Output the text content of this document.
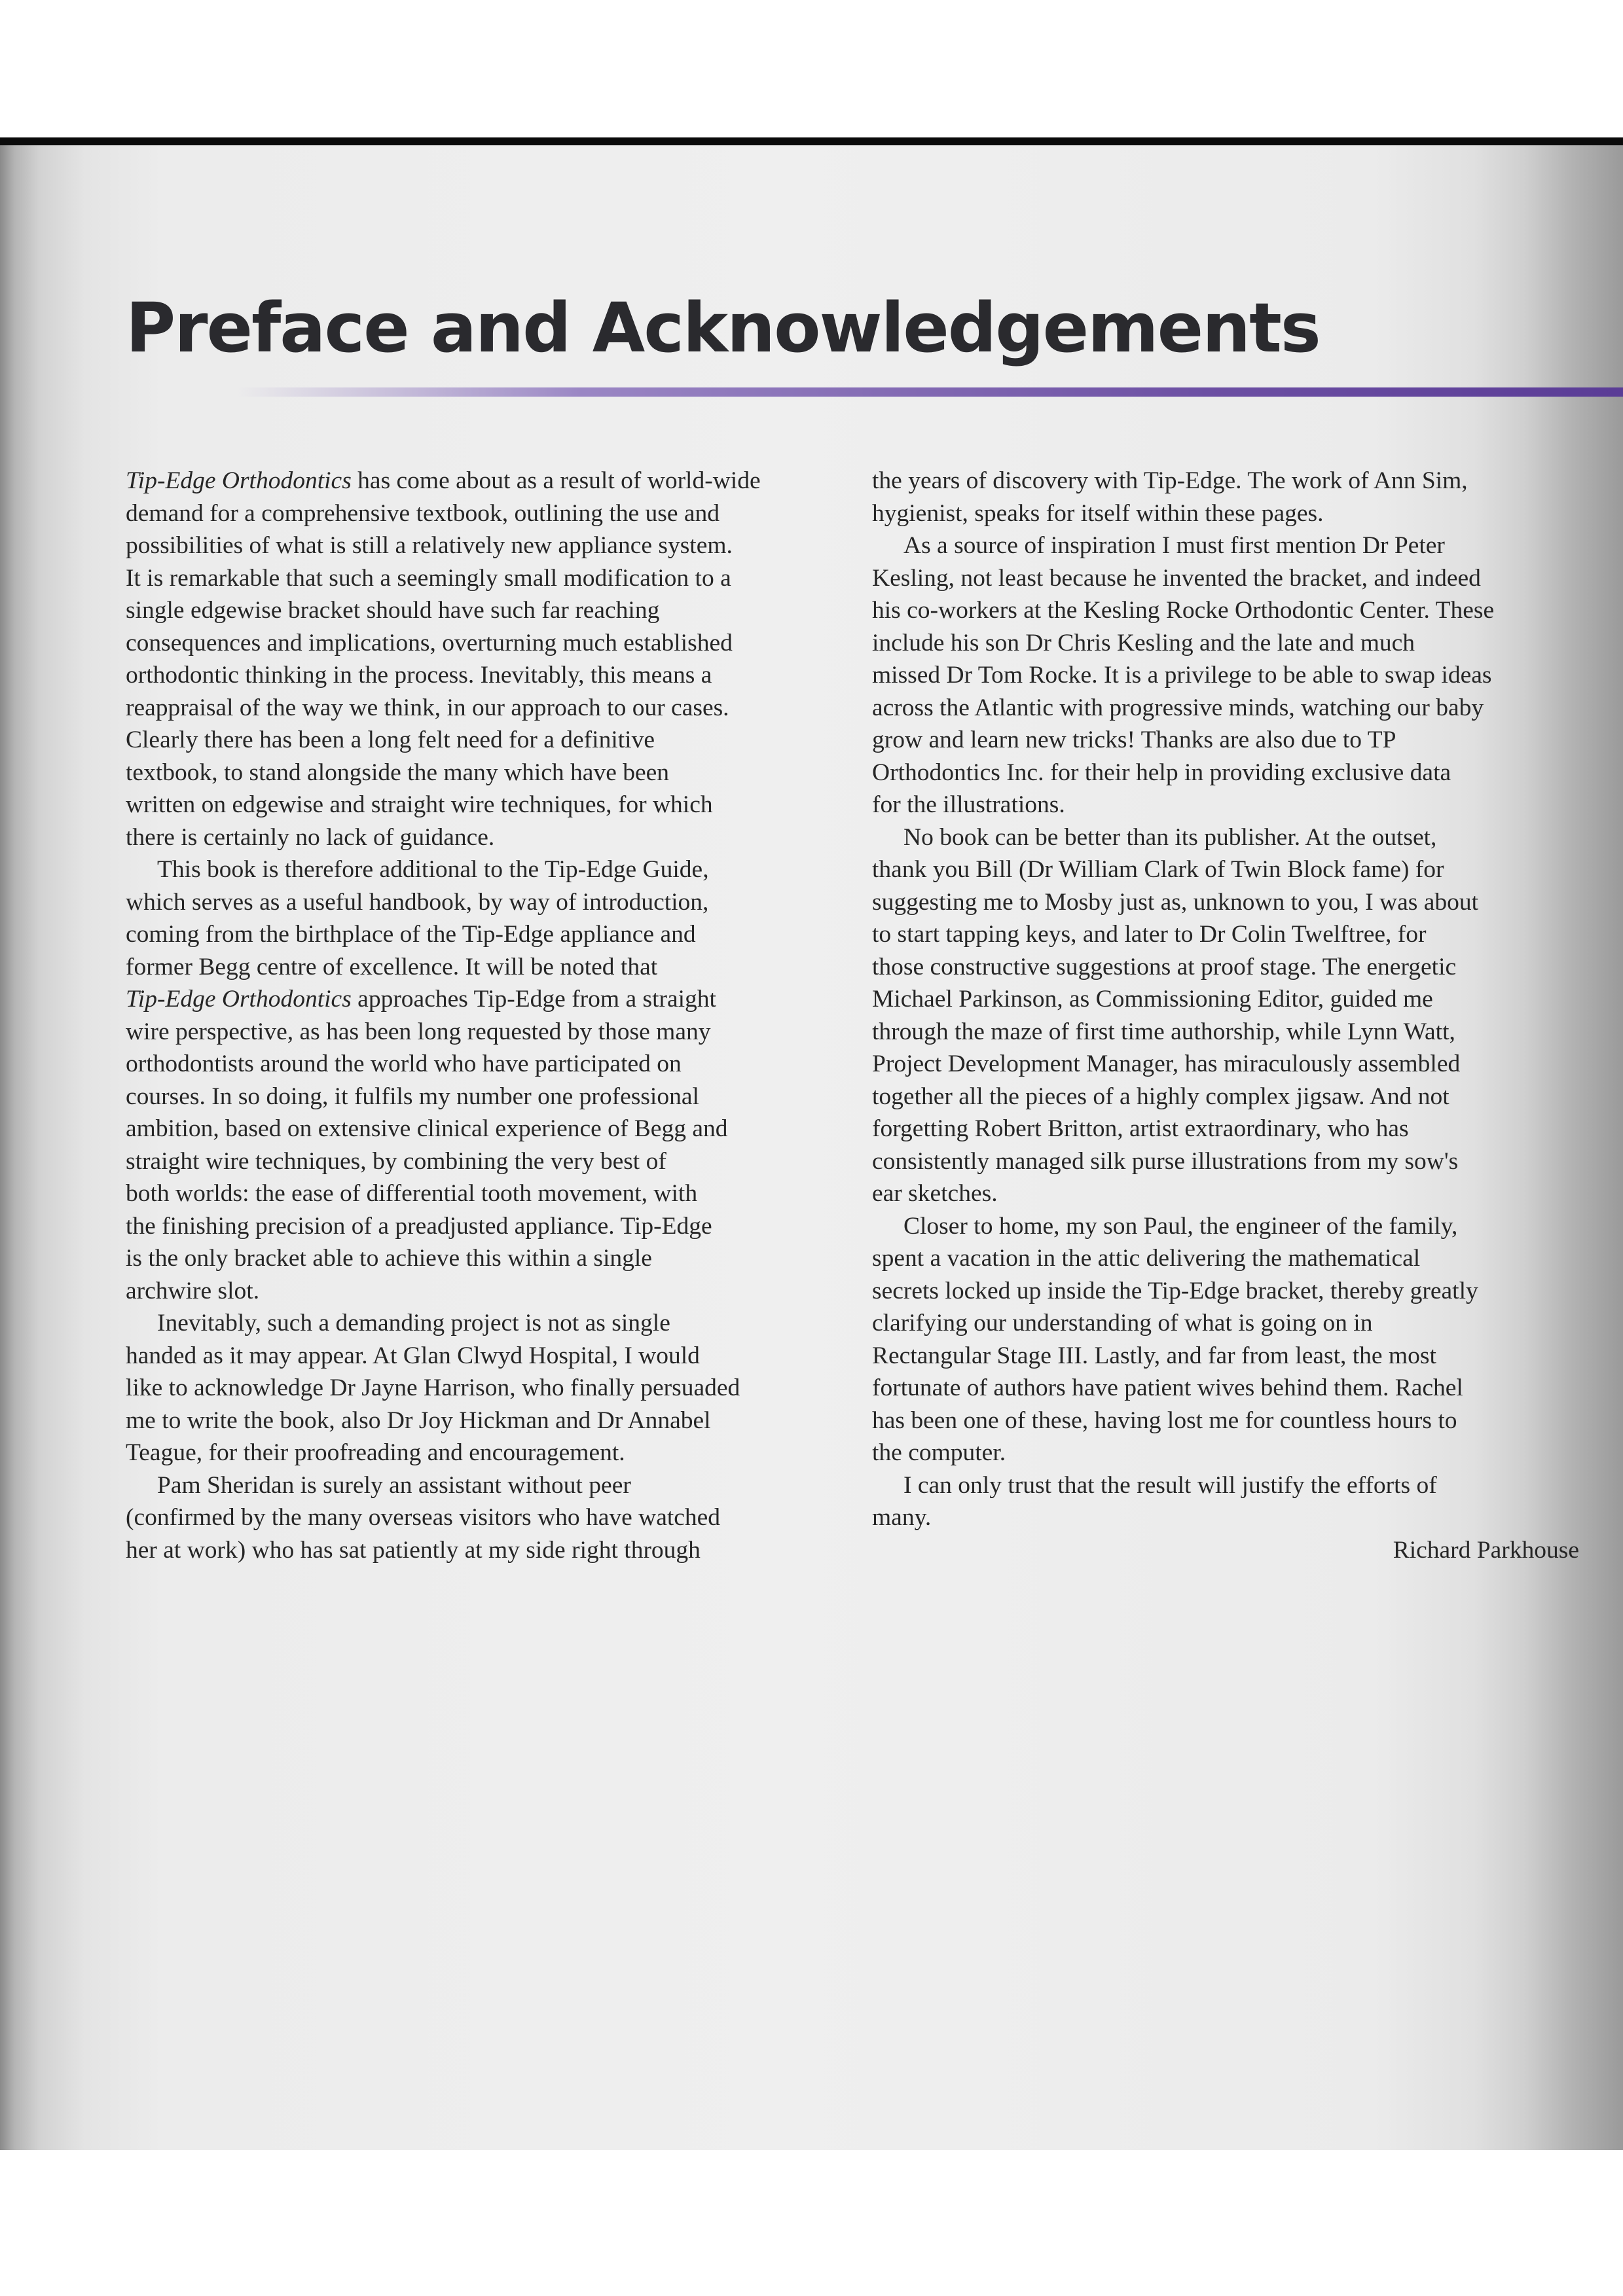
Preface and Acknowledgements

Tip-Edge Orthodontics has come about as a result of world-wide

demand for a comprehensive textbook, outlining the use and

possibilities of what is still a relatively new appliance system.

It is remarkable that such a seemingly small modification to a

single edgewise bracket should have such far reaching

consequences and implications, overturning much established

orthodontic thinking in the process. Inevitably, this means a

reappraisal of the way we think, in our approach to our cases.

Clearly there has been a long felt need for a definitive

textbook, to stand alongside the many which have been

written on edgewise and straight wire techniques, for which

there is certainly no lack of guidance.

This book is therefore additional to the Tip-Edge Guide,

which serves as a useful handbook, by way of introduction,

coming from the birthplace of the Tip-Edge appliance and

former Begg centre of excellence. It will be noted that

Tip-Edge Orthodontics approaches Tip-Edge from a straight

wire perspective, as has been long requested by those many

orthodontists around the world who have participated on

courses. In so doing, it fulfils my number one professional

ambition, based on extensive clinical experience of Begg and

straight wire techniques, by combining the very best of

both worlds: the ease of differential tooth movement, with

the finishing precision of a preadjusted appliance. Tip-Edge

is the only bracket able to achieve this within a single

archwire slot.

Inevitably, such a demanding project is not as single

handed as it may appear. At Glan Clwyd Hospital, I would

like to acknowledge Dr Jayne Harrison, who finally persuaded

me to write the book, also Dr Joy Hickman and Dr Annabel

Teague, for their proofreading and encouragement.

Pam Sheridan is surely an assistant without peer

(confirmed by the many overseas visitors who have watched

her at work) who has sat patiently at my side right through

the years of discovery with Tip-Edge. The work of Ann Sim,

hygienist, speaks for itself within these pages.

As a source of inspiration I must first mention Dr Peter

Kesling, not least because he invented the bracket, and indeed

his co-workers at the Kesling Rocke Orthodontic Center. These

include his son Dr Chris Kesling and the late and much

missed Dr Tom Rocke. It is a privilege to be able to swap ideas

across the Atlantic with progressive minds, watching our baby

grow and learn new tricks! Thanks are also due to TP

Orthodontics Inc. for their help in providing exclusive data

for the illustrations.

No book can be better than its publisher. At the outset,

thank you Bill (Dr William Clark of Twin Block fame) for

suggesting me to Mosby just as, unknown to you, I was about

to start tapping keys, and later to Dr Colin Twelftree, for

those constructive suggestions at proof stage. The energetic

Michael Parkinson, as Commissioning Editor, guided me

through the maze of first time authorship, while Lynn Watt,

Project Development Manager, has miraculously assembled

together all the pieces of a highly complex jigsaw. And not

forgetting Robert Britton, artist extraordinary, who has

consistently managed silk purse illustrations from my sow's

ear sketches.

Closer to home, my son Paul, the engineer of the family,

spent a vacation in the attic delivering the mathematical

secrets locked up inside the Tip-Edge bracket, thereby greatly

clarifying our understanding of what is going on in

Rectangular Stage III. Lastly, and far from least, the most

fortunate of authors have patient wives behind them. Rachel

has been one of these, having lost me for countless hours to

the computer.

I can only trust that the result will justify the efforts of

many.

Richard Parkhouse
